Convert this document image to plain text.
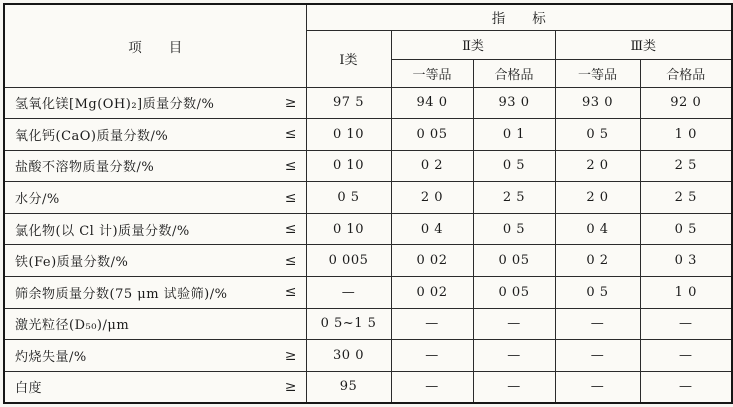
项　　目	指　　标				
	Ⅰ类	Ⅱ类		Ⅲ类	
		一等品	合格品	一等品	合格品

氢氧化镁[Mg(OH)₂]质量分数/% ≥	97 5	94 0	93 0	93 0	92 0

氧化钙(CaO)质量分数/% ≤	0 10	0 05	0 1	0 5	1 0

盐酸不溶物质量分数/% ≤	0 10	0 2	0 5	2 0	2 5

水分/% ≤	0 5	2 0	2 5	2 0	2 5

氯化物(以 Cl 计)质量分数/% ≤	0 10	0 4	0 5	0 4	0 5

铁(Fe)质量分数/% ≤	0 005	0 02	0 05	0 2	0 3

筛余物质量分数(75 μm 试验筛)/% ≤	—	0 02	0 05	0 5	1 0

激光粒径(D₅₀)/μm	0 5~1 5	—	—	—	—

灼烧失量/% ≥	30 0	—	—	—	—

白度 ≥	95	—	—	—	—
